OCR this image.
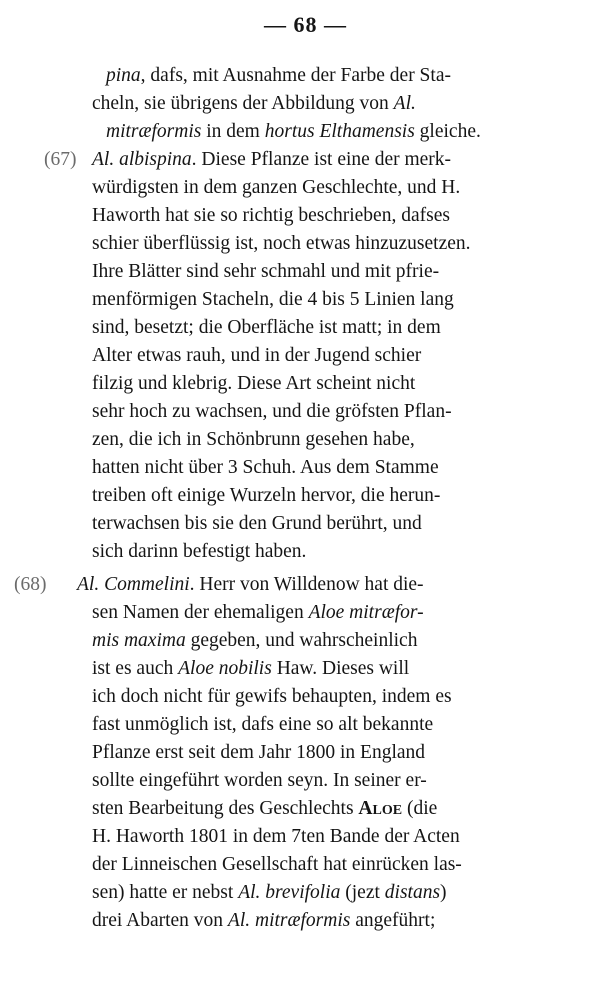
— 68 —
pina, dafs, mit Ausnahme der Farbe der Sta-
cheln, sie übrigens der Abbildung von Al.
mitræformis in dem hortus Elthamensis gleiche.
(67) Al. albispina. Diese Pflanze ist eine der merk-
würdigsten in dem ganzen Geschlechte, und H.
Haworth hat sie so richtig beschrieben, dafses
schier überflüssig ist, noch etwas hinzuzusetzen.
Ihre Blätter sind sehr schmahl und mit pfrie-
menförmigen Stacheln, die 4 bis 5 Linien lang
sind, besetzt; die Oberfläche ist matt; in dem
Alter etwas rauh, und in der Jugend schier
filzig und klebrig. Diese Art scheint nicht
sehr hoch zu wachsen, und die gröfsten Pflan-
zen, die ich in Schönbrunn gesehen habe,
hatten nicht über 3 Schuh. Aus dem Stamme
treiben oft einige Wurzeln hervor, die herun-
terwachsen bis sie den Grund berührt, und
sich darinn befestigt haben.
(68) Al. Commelini. Herr von Willdenow hat die-
sen Namen der ehemaligen Aloe mitræfor-
mis maxima gegeben, und wahrscheinlich
ist es auch Aloe nobilis Haw. Dieses will
ich doch nicht für gewifs behaupten, indem es
fast unmöglich ist, dafs eine so alt bekannte
Pflanze erst seit dem Jahr 1800 in England
sollte eingeführt worden seyn. In seiner er-
sten Bearbeitung des Geschlechts Aloe (die
H. Haworth 1801 in dem 7ten Bande der Acten
der Linneischen Gesellschaft hat einrücken las-
sen) hatte er nebst Al. brevifolia (jezt distans)
drei Abarten von Al. mitræformis angeführt;
